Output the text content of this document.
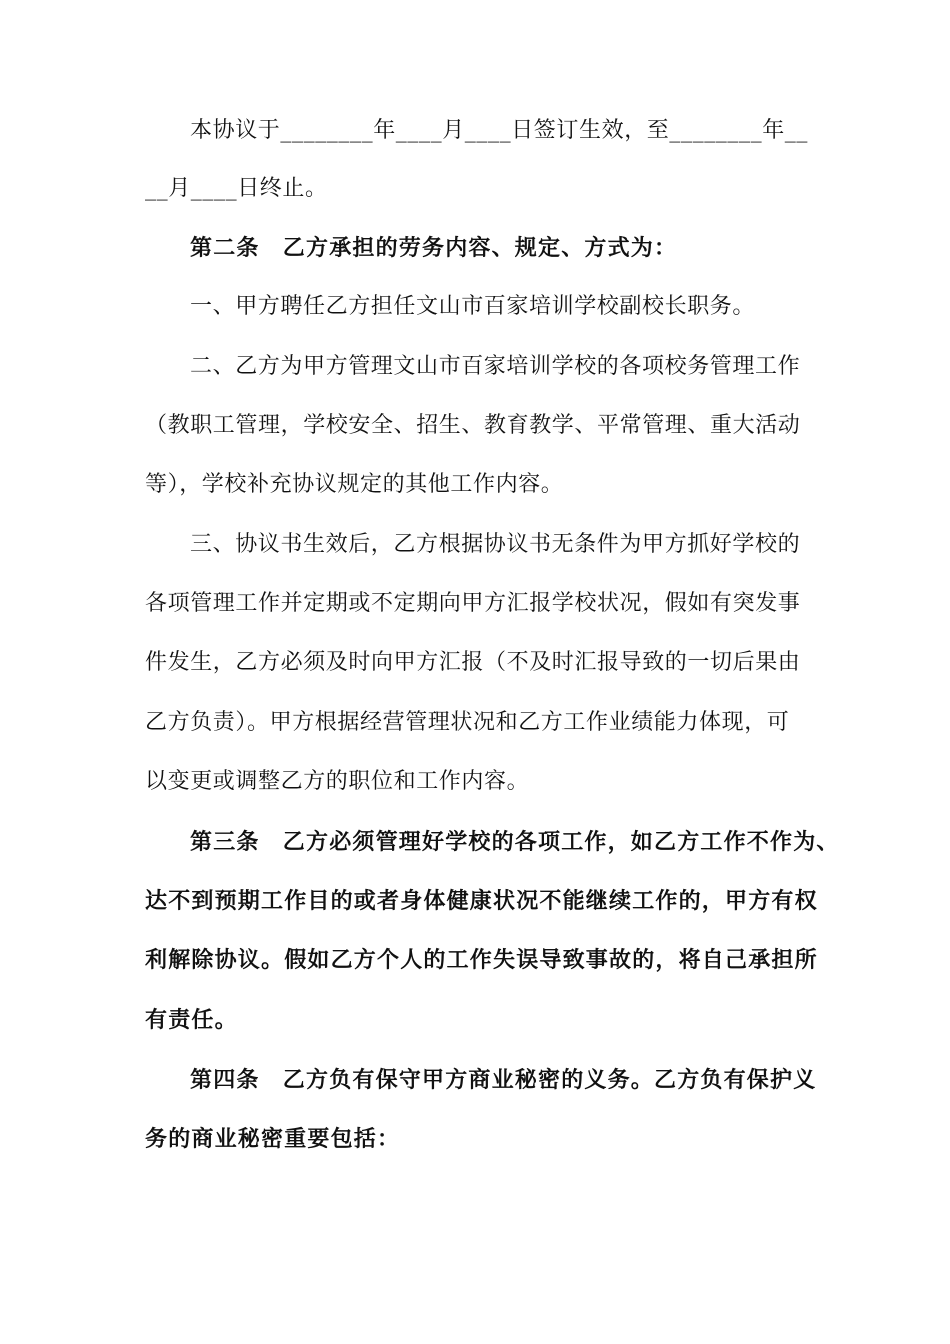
本协议于________年____月____日签订生效，至________年__
__月____日终止。
第二条　乙方承担的劳务内容、规定、方式为：
一、甲方聘任乙方担任文山市百家培训学校副校长职务。
二、乙方为甲方管理文山市百家培训学校的各项校务管理工作
（教职工管理，学校安全、招生、教育教学、平常管理、重大活动
等），学校补充协议规定的其他工作内容。
三、协议书生效后，乙方根据协议书无条件为甲方抓好学校的
各项管理工作并定期或不定期向甲方汇报学校状况，假如有突发事
件发生，乙方必须及时向甲方汇报（不及时汇报导致的一切后果由
乙方负责）。甲方根据经营管理状况和乙方工作业绩能力体现，可
以变更或调整乙方的职位和工作内容。
第三条　乙方必须管理好学校的各项工作，如乙方工作不作为、
达不到预期工作目的或者身体健康状况不能继续工作的，甲方有权
利解除协议。假如乙方个人的工作失误导致事故的，将自己承担所
有责任。
第四条　乙方负有保守甲方商业秘密的义务。乙方负有保护义
务的商业秘密重要包括：
